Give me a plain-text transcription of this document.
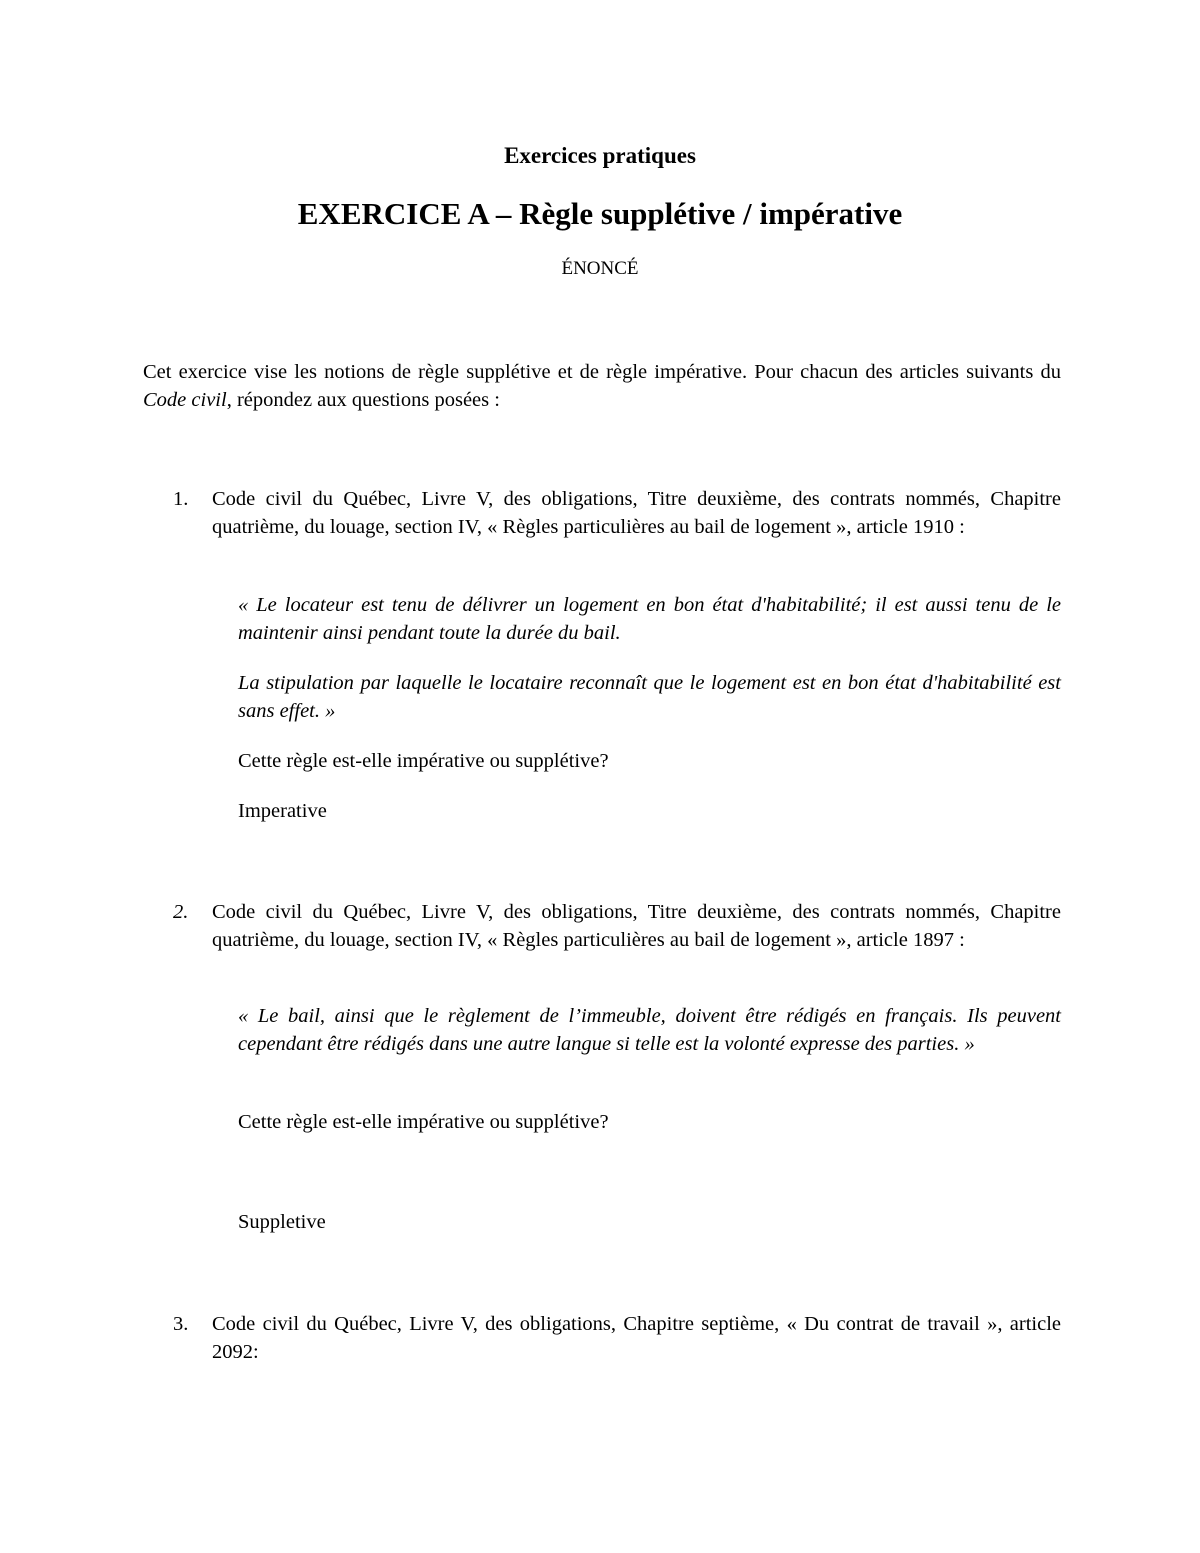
Exercices pratiques

EXERCICE A – Règle supplétive / impérative

ÉNONCÉ

Cet exercice vise les notions de règle supplétive et de règle impérative. Pour chacun des articles suivants du Code civil, répondez aux questions posées :

1.	Code civil du Québec, Livre V, des obligations, Titre deuxième, des contrats nommés, Chapitre quatrième, du louage, section IV, « Règles particulières au bail de logement », article 1910 :

« Le locateur est tenu de délivrer un logement en bon état d'habitabilité; il est aussi tenu de le maintenir ainsi pendant toute la durée du bail.

La stipulation par laquelle le locataire reconnaît que le logement est en bon état d'habitabilité est sans effet. »

Cette règle est-elle impérative ou supplétive?

Imperative

2.	Code civil du Québec, Livre V, des obligations, Titre deuxième, des contrats nommés, Chapitre quatrième, du louage, section IV, « Règles particulières au bail de logement », article 1897 :

« Le bail, ainsi que le règlement de l’immeuble, doivent être rédigés en français. Ils peuvent cependant être rédigés dans une autre langue si telle est la volonté expresse des parties. »

Cette règle est-elle impérative ou supplétive?

Suppletive

3.	Code civil du Québec, Livre V, des obligations, Chapitre septième, « Du contrat de travail », article 2092:
